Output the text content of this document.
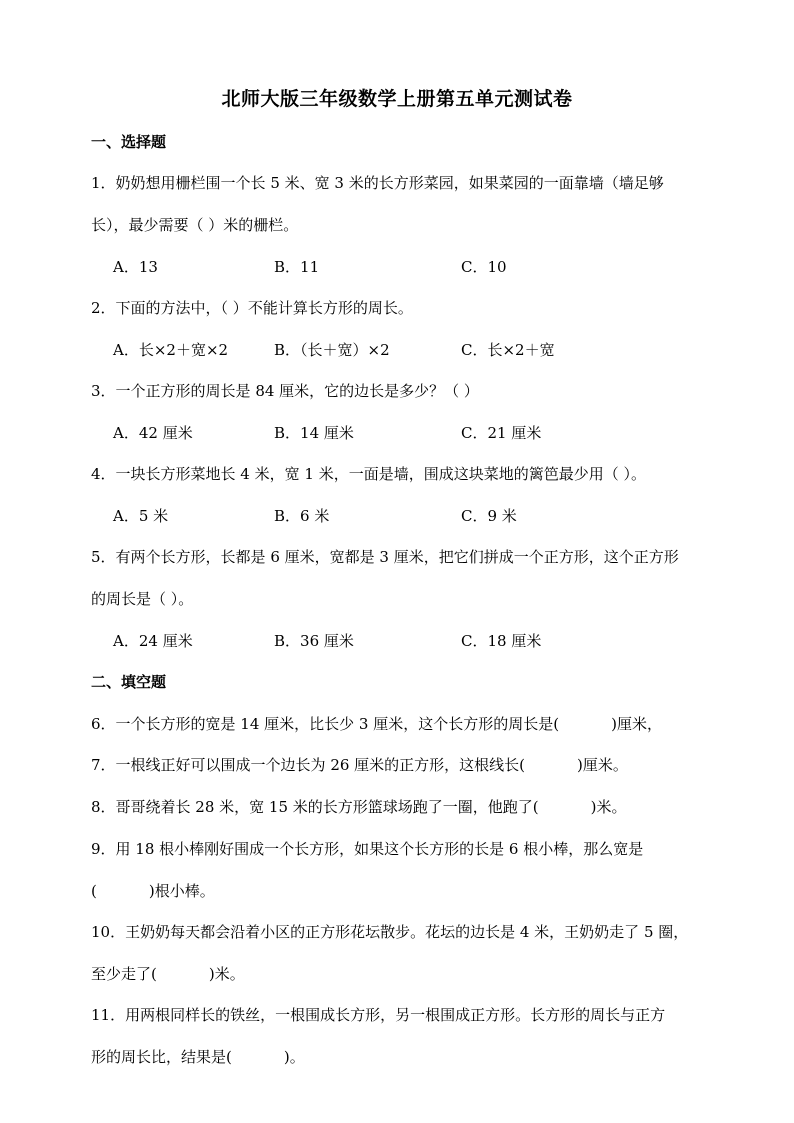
北师大版三年级数学上册第五单元测试卷
一、选择题
1．奶奶想用栅栏围一个长 5 米、宽 3 米的长方形菜园，如果菜园的一面靠墙（墙足够
长），最少需要（ ）米的栅栏。
A．13	B．11	C．10
2．下面的方法中，（ ）不能计算长方形的周长。
A．长×2＋宽×2	B．（长＋宽）×2	C．长×2＋宽
3．一个正方形的周长是 84 厘米，它的边长是多少？（ ）
A．42 厘米	B．14 厘米	C．21 厘米
4．一块长方形菜地长 4 米，宽 1 米，一面是墙，围成这块菜地的篱笆最少用（ ）。
A．5 米	B．6 米	C．9 米
5．有两个长方形，长都是 6 厘米，宽都是 3 厘米，把它们拼成一个正方形，这个正方形
的周长是（ ）。
A．24 厘米	B．36 厘米	C．18 厘米
二、填空题
6．一个长方形的宽是 14 厘米，比长少 3 厘米，这个长方形的周长是(	)厘米，
7．一根线正好可以围成一个边长为 26 厘米的正方形，这根线长(	)厘米。
8．哥哥绕着长 28 米，宽 15 米的长方形篮球场跑了一圈，他跑了(	)米。
9．用 18 根小棒刚好围成一个长方形，如果这个长方形的长是 6 根小棒，那么宽是
(	)根小棒。
10．王奶奶每天都会沿着小区的正方形花坛散步。花坛的边长是 4 米，王奶奶走了 5 圈，
至少走了(	)米。
11．用两根同样长的铁丝，一根围成长方形，另一根围成正方形。长方形的周长与正方
形的周长比，结果是(	)。
